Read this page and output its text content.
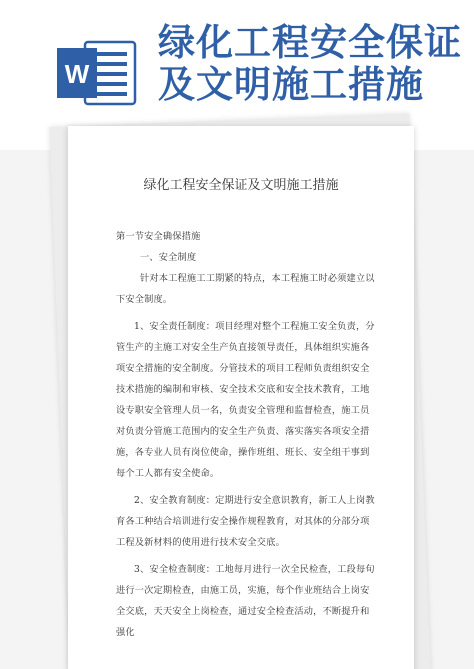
W
绿化工程安全保证
及文明施工措施
绿化工程安全保证及文明施工措施

第一节安全确保措施

一、安全制度

针对本工程施工工期紧的特点，本工程施工时必须建立以下安全制度。

1、安全责任制度：项目经理对整个工程施工安全负责，分管生产的主施工对安全生产负直接领导责任，具体组织实施各项安全措施的安全制度。分管技术的项目工程师负责组织安全技术措施的编制和审核、安全技术交底和安全技术教育，工地设专职安全管理人员一名，负责安全管理和监督检查，施工员对负责分管施工范围内的安全生产负责、落实落实各项安全措施，各专业人员有岗位使命，操作班组、班长、安全组干事到每个工人都有安全使命。

2、安全教育制度：定期进行安全意识教育，新工人上岗教育各工种结合培训进行安全操作规程教育，对其体的分部分项工程及新材料的使用进行技术安全交底。

3、安全检查制度：工地每月进行一次全民检查，工段每旬进行一次定期检查，由施工员，实施，每个作业班结合上岗安全交底，天天安全上岗检查，通过安全检查活动，不断提升和强化
